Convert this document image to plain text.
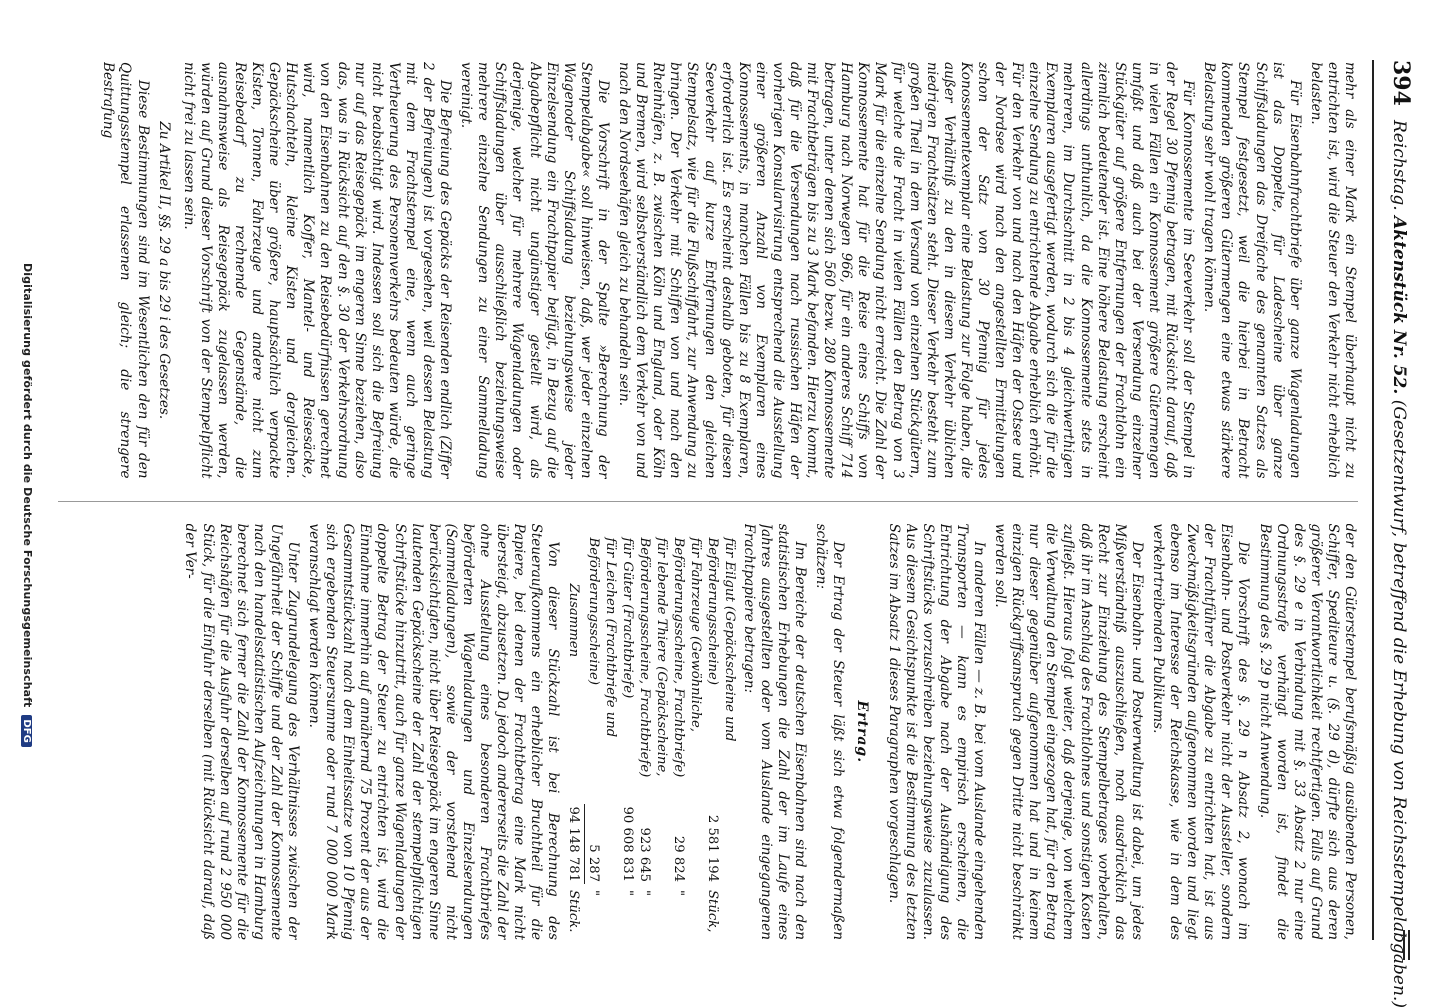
394
Reichstag. Aktenstück Nr. 52. (Gesetzentwurf, betreffend die Erhebung von Reichsstempelabgaben.)

mehr als einer Mark ein Stempel überhaupt nicht zu entrichten ist, wird die Steuer den Verkehr nicht erheblich belasten.

Für Eisenbahnfrachtbriefe über ganze Wagenladungen ist das Doppelte, für Ladescheine über ganze Schiffsladungen das Dreifache des genannten Satzes als Stempel festgesetzt, weil die hierbei in Betracht kommenden größeren Gütermengen eine etwas stärkere Belastung sehr wohl tragen können.

Für Konnossemente im Seeverkehr soll der Stempel in der Regel 30 Pfennig betragen, mit Rücksicht darauf, daß in vielen Fällen ein Konnossement größere Gütermengen umfaßt und daß auch bei der Versendung einzelner Stückgüter auf größere Entfernungen der Frachtlohn ein ziemlich bedeutender ist. Eine höhere Belastung erscheint allerdings unthunlich, da die Konnossemente stets in mehreren, im Durchschnitt in 2 bis 4 gleichwerthigen Exemplaren ausgefertigt werden, wodurch sich die für die einzelne Sendung zu entrichtende Abgabe erheblich erhöht. Für den Verkehr von und nach den Häfen der Ostsee und der Nordsee wird nach den angestellten Ermittelungen schon der Satz von 30 Pfennig für jedes Konossementexemplar eine Belastung zur Folge haben, die außer Verhältniß zu den in diesem Verkehr üblichen niedrigen Frachtsätzen steht. Dieser Verkehr besteht zum großen Theil in dem Versand von einzelnen Stückgütern, für welche die Fracht in vielen Fällen den Betrag von 3 Mark für die einzelne Sendung nicht erreicht. Die Zahl der Konnossemente hat für die Reise eines Schiffs von Hamburg nach Norwegen 966, für ein anderes Schiff 714 betragen, unter denen sich 560 bezw. 280 Konnossemente mit Frachtbeträgen bis zu 3 Mark befanden. Hierzu kommt, daß für die Versendungen nach russischen Häfen der vorherigen Konsularvisirung entsprechend die Ausstellung einer größeren Anzahl von Exemplaren eines Konnossements, in manchen Fällen bis zu 8 Exemplaren, erforderlich ist. Es erscheint deshalb geboten, für diesen Seeverkehr auf kurze Entfernungen den gleichen Stempelsatz, wie für die Flußschiffahrt, zur Anwendung zu bringen. Der Verkehr mit Schiffen von und nach den Rheinhäfen, z. B. zwischen Köln und England, oder Köln und Bremen, wird selbstverständlich dem Verkehr von und nach den Nordseehäfen gleich zu behandeln sein.

Die Vorschrift in der Spalte »Berechnung der Stempelabgabe« soll hinweisen, daß, wer jeder einzelnen Wagenoder Schiffsladung beziehungsweise jeder Einzelsendung ein Frachtpapier beifügt, in Bezug auf die Abgabepflicht nicht ungünstiger gestellt wird, als derjenige, welcher für mehrere Wagenladungen oder Schiffsladungen über ausschließlich beziehungsweise mehrere einzelne Sendungen zu einer Sammelladung vereinigt.

Die Befreiung des Gepäcks der Reisenden endlich (Ziffer 2 der Befreiungen) ist vorgesehen, weil dessen Belastung mit dem Frachtstempel eine, wenn auch geringe Vertheuerung des Personenverkehrs bedeuten würde, die nicht beabsichtigt wird. Indessen soll sich die Befreiung nur auf das Reisegepäck im engeren Sinne beziehen, also das, was in Rücksicht auf den §. 30 der Verkehrsordnung von den Eisenbahnen zu den Reisebedürfnissen gerechnet wird, namentlich Koffer, Mantel- und Reisesäcke, Hutschachteln, kleine Kisten und dergleichen. Gepäckscheine über größere, hauptsächlich verpackte Kisten, Tonnen, Fahrzeuge und andere nicht zum Reisebedarf zu rechnende Gegenstände, die ausnahmsweise als Reisegepäck zugelassen werden, würden auf Grund dieser Vorschrift von der Stempelpflicht nicht frei zu lassen sein.

Zu Artikel II, §§. 29 a bis 29 i des Gesetzes.

Diese Bestimmungen sind im Wesentlichen den für den Quittungsstempel erlassenen gleich; die strengere Bestrafung

der den Güterstempel berufsmäßig ausübenden Personen, Schiffer, Spediteure u. (§. 29 d), dürfte sich aus deren größerer Verantwortlichkeit rechtfertigen. Falls auf Grund des §. 29 e in Verbindung mit §. 33 Absatz 2 nur eine Ordnungsstrafe verhängt worden ist, findet die Bestimmung des §. 29 p nicht Anwendung.

Die Vorschrift des §. 29 n Absatz 2, wonach im Eisenbahn- und Postverkehr nicht der Aussteller, sondern der Frachtführer die Abgabe zu entrichten hat, ist aus Zweckmäßigkeitsgründen aufgenommen worden und liegt ebenso im Interesse der Reichskasse, wie in dem des verkehrtreibenden Publikums.

Der Eisenbahn- und Postverwaltung ist dabei, um jedes Mißverständniß auszuschließen, noch ausdrücklich das Recht zur Einziehung des Stempelbetrages vorbehalten, daß ihr im Anschlag des Frachtlohnes und sonstigen Kosten zufließt. Hieraus folgt weiter, daß derjenige, von welchem die Verwaltung den Stempel eingezogen hat, für den Betrag nur dieser gegenüber aufgenommen hat und in keinem einzigen Rückgriffsanspruch gegen Dritte nicht beschränkt werden soll.

In anderen Fällen — z. B. bei vom Auslande eingehenden Transporten — kann es empirisch erscheinen, die Entrichtung der Abgabe nach der Aushändigung des Schriftstücks vorzuschreiben beziehungsweise zuzulassen. Aus diesem Gesichtspunkte ist die Bestimmung des letzten Satzes im Absatz 1 dieses Paragraphen vorgeschlagen.

Ertrag.

Der Ertrag der Steuer läßt sich etwa folgendermaßen schätzen:

Im Bereiche der deutschen Eisenbahnen sind nach den statistischen Erhebungen die Zahl der im Laufe eines Jahres ausgestellten oder vom Auslande eingegangenen Frachtpapiere betragen:

für Eilgut (Gepäckscheine und Beförderungsscheine)	2 581 194	Stück,
für Fahrzeuge (Gewöhnliche, Beförderungsscheine, Frachtbriefe)	29 824	"
für lebende Thiere (Gepäckscheine, Beförderungsscheine, Frachtbriefe)	923 645	"
für Güter (Frachtbriefe)	90 608 831	"
für Leichen (Frachtbriefe und Beförderungsscheine)	5 287	"
Zusammen	94 148 781	Stück.

Von dieser Stückzahl ist bei Berechnung des Steueraufkommens ein erheblicher Bruchtheil für die Papiere, bei denen der Frachtbetrag eine Mark nicht übersteigt, abzusetzen. Da jedoch andererseits die Zahl der ohne Ausstellung eines besonderen Frachtbriefes beförderten Wagenladungen und Einzelsendungen (Sammelladungen), sowie der vorstehend nicht berücksichtigten, nicht über Reisegepäck im engeren Sinne lautenden Gepäckscheine der Zahl der stempelpflichtigen Schriftstücke hinzutritt, auch für ganze Wagenladungen der doppelte Betrag der Steuer zu entrichten ist, wird die Einnahme immerhin auf annähernd 75 Prozent der aus der Gesammtstückzahl nach dem Einheitssatze von 10 Pfennig sich ergebenden Steuersumme oder rund 7 000 000 Mark veranschlagt werden können.

Unter Zugrundelegung des Verhältnisses zwischen der Ungefährheit der Schiffe und der Zahl der Konnossemente nach den handelsstatistischen Aufzeichnungen in Hamburg berechnet sich ferner die Zahl der Konnossemente für die Reichshäfen für die Ausfuhr derselben auf rund 2 950 000 Stück, für die Einfuhr derselben (mit Rücksicht darauf, daß der Ver-

Digitalisierung gefördert durch die Deutsche Forschungsgemeinschaft DFG
